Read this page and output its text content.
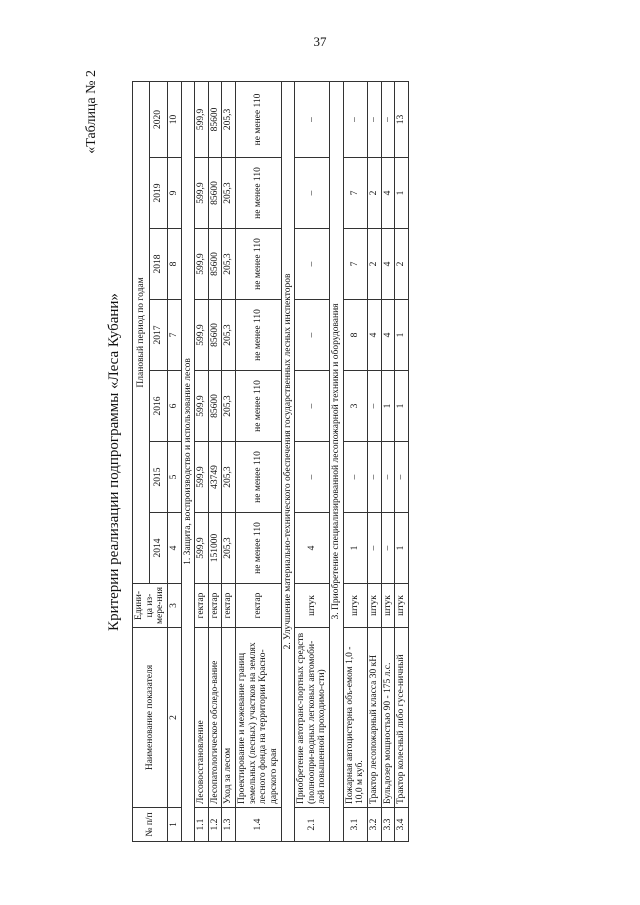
37
«Таблица № 2
Критерии реализации подпрограммы «Леса Кубани»
№ п/п	Наименование показателя	Едини-ца из-мере-ния	Плановый период по годам						
			2014	2015	2016	2017	2018	2019	2020
1	2	3	4	5	6	7	8	9	10
1. Защита, воспроизводство и использование лесов									
1.1	Лесовосстановление	гектар	599,9	599,9	599,9	599,9	599,9	599,9	599,9
1.2	Лесопатологическое обследо-вание	гектар	151000	43749	85600	85600	85600	85600	85600
1.3	Уход за лесом	гектар	205,3	205,3	205,3	205,3	205,3	205,3	205,3
1.4	Проектирование и межевание границ земельных (лесных) участков на землях лесного фонда на территории Красно-дарского края	гектар	не менее 110	не менее 110	не менее 110	не менее 110	не менее 110	не менее 110	не менее 110
2. Улучшение материально-технического обеспечения государственных лесных инспекторов									
2.1	Приобретение автотранс-портных средств (полноопри-водных легковых автомоби-лей повышенной проходимо-сти)	штук	4	–	–	–	–	–	–
3. Приобретение специализированной лесопожарной техники и оборудования									
3.1	Пожарная автоцистерна объ-емом 1,0 - 10,0 м куб.	штук	1	–	3	8	7	7	–
3.2	Трактор лесопожарный класса 30 кН	штук	–	–	–	4	2	2	–
3.3	Бульдозер мощностью 90 - 175 л.с.	штук	–	–	1	4	4	4	–
3.4	Трактор колесный либо гусе-ничный	штук	1	–	1	1	2	1	13
